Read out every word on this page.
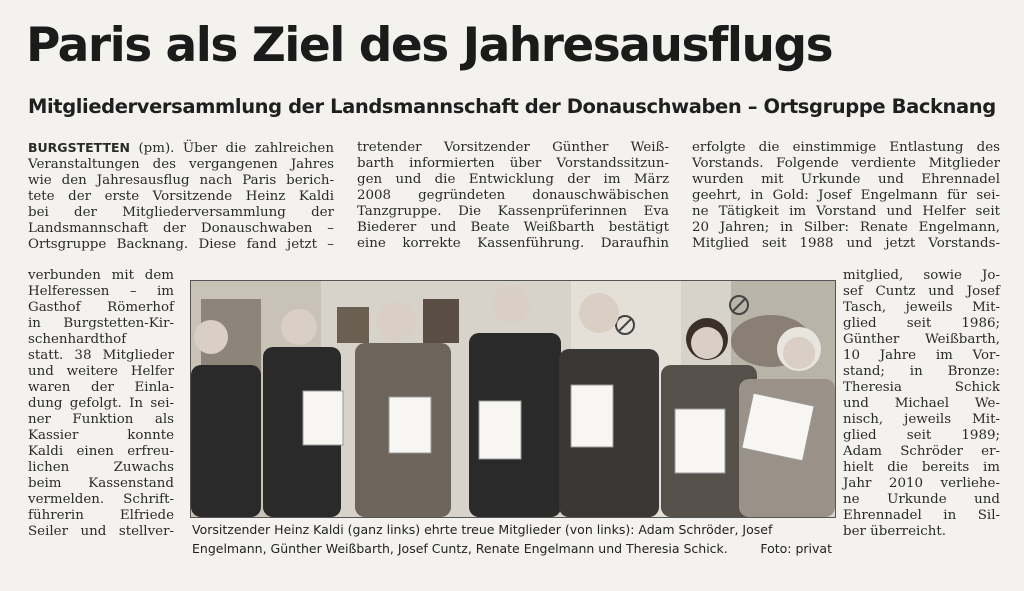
Paris als Ziel des Jahresausflugs
Mitgliederversammlung der Landsmannschaft der Donauschwaben – Ortsgruppe Backnang
BURGSTETTEN (pm). Über die zahlreichen
Veranstaltungen des vergangenen Jahres
wie den Jahresausflug nach Paris berich-
tete der erste Vorsitzende Heinz Kaldi
bei der Mitgliederversammlung der
Landsmannschaft der Donauschwaben –
Ortsgruppe Backnang. Diese fand jetzt –
verbunden mit dem
Helferessen – im
Gasthof Römerhof
in Burgstetten-Kir-
schenhardthof
statt. 38 Mitglieder
und weitere Helfer
waren der Einla-
dung gefolgt. In sei-
ner Funktion als
Kassier konnte
Kaldi einen erfreu-
lichen Zuwachs
beim Kassenstand
vermelden. Schrift-
führerin Elfriede
Seiler und stellver-
tretender Vorsitzender Günther Weiß-
barth informierten über Vorstandssitzun-
gen und die Entwicklung der im März
2008 gegründeten donauschwäbischen
Tanzgruppe. Die Kassenprüferinnen Eva
Biederer und Beate Weißbarth bestätigt
eine korrekte Kassenführung. Daraufhin
erfolgte die einstimmige Entlastung des
Vorstands. Folgende verdiente Mitglieder
wurden mit Urkunde und Ehrennadel
geehrt, in Gold: Josef Engelmann für sei-
ne Tätigkeit im Vorstand und Helfer seit
20 Jahren; in Silber: Renate Engelmann,
Mitglied seit 1988 und jetzt Vorstands-
mitglied, sowie Jo-
sef Cuntz und Josef
Tasch, jeweils Mit-
glied seit 1986;
Günther Weißbarth,
10 Jahre im Vor-
stand; in Bronze:
Theresia Schick
und Michael We-
nisch, jeweils Mit-
glied seit 1989;
Adam Schröder er-
hielt die bereits im
Jahr 2010 verliehe-
ne Urkunde und
Ehrennadel in Sil-
ber überreicht.

Vorsitzender Heinz Kaldi (ganz links) ehrte treue Mitglieder (von links): Adam Schröder, Josef Engelmann, Günther Weißbarth, Josef Cuntz, Renate Engelmann und Theresia Schick.	Foto: privat
